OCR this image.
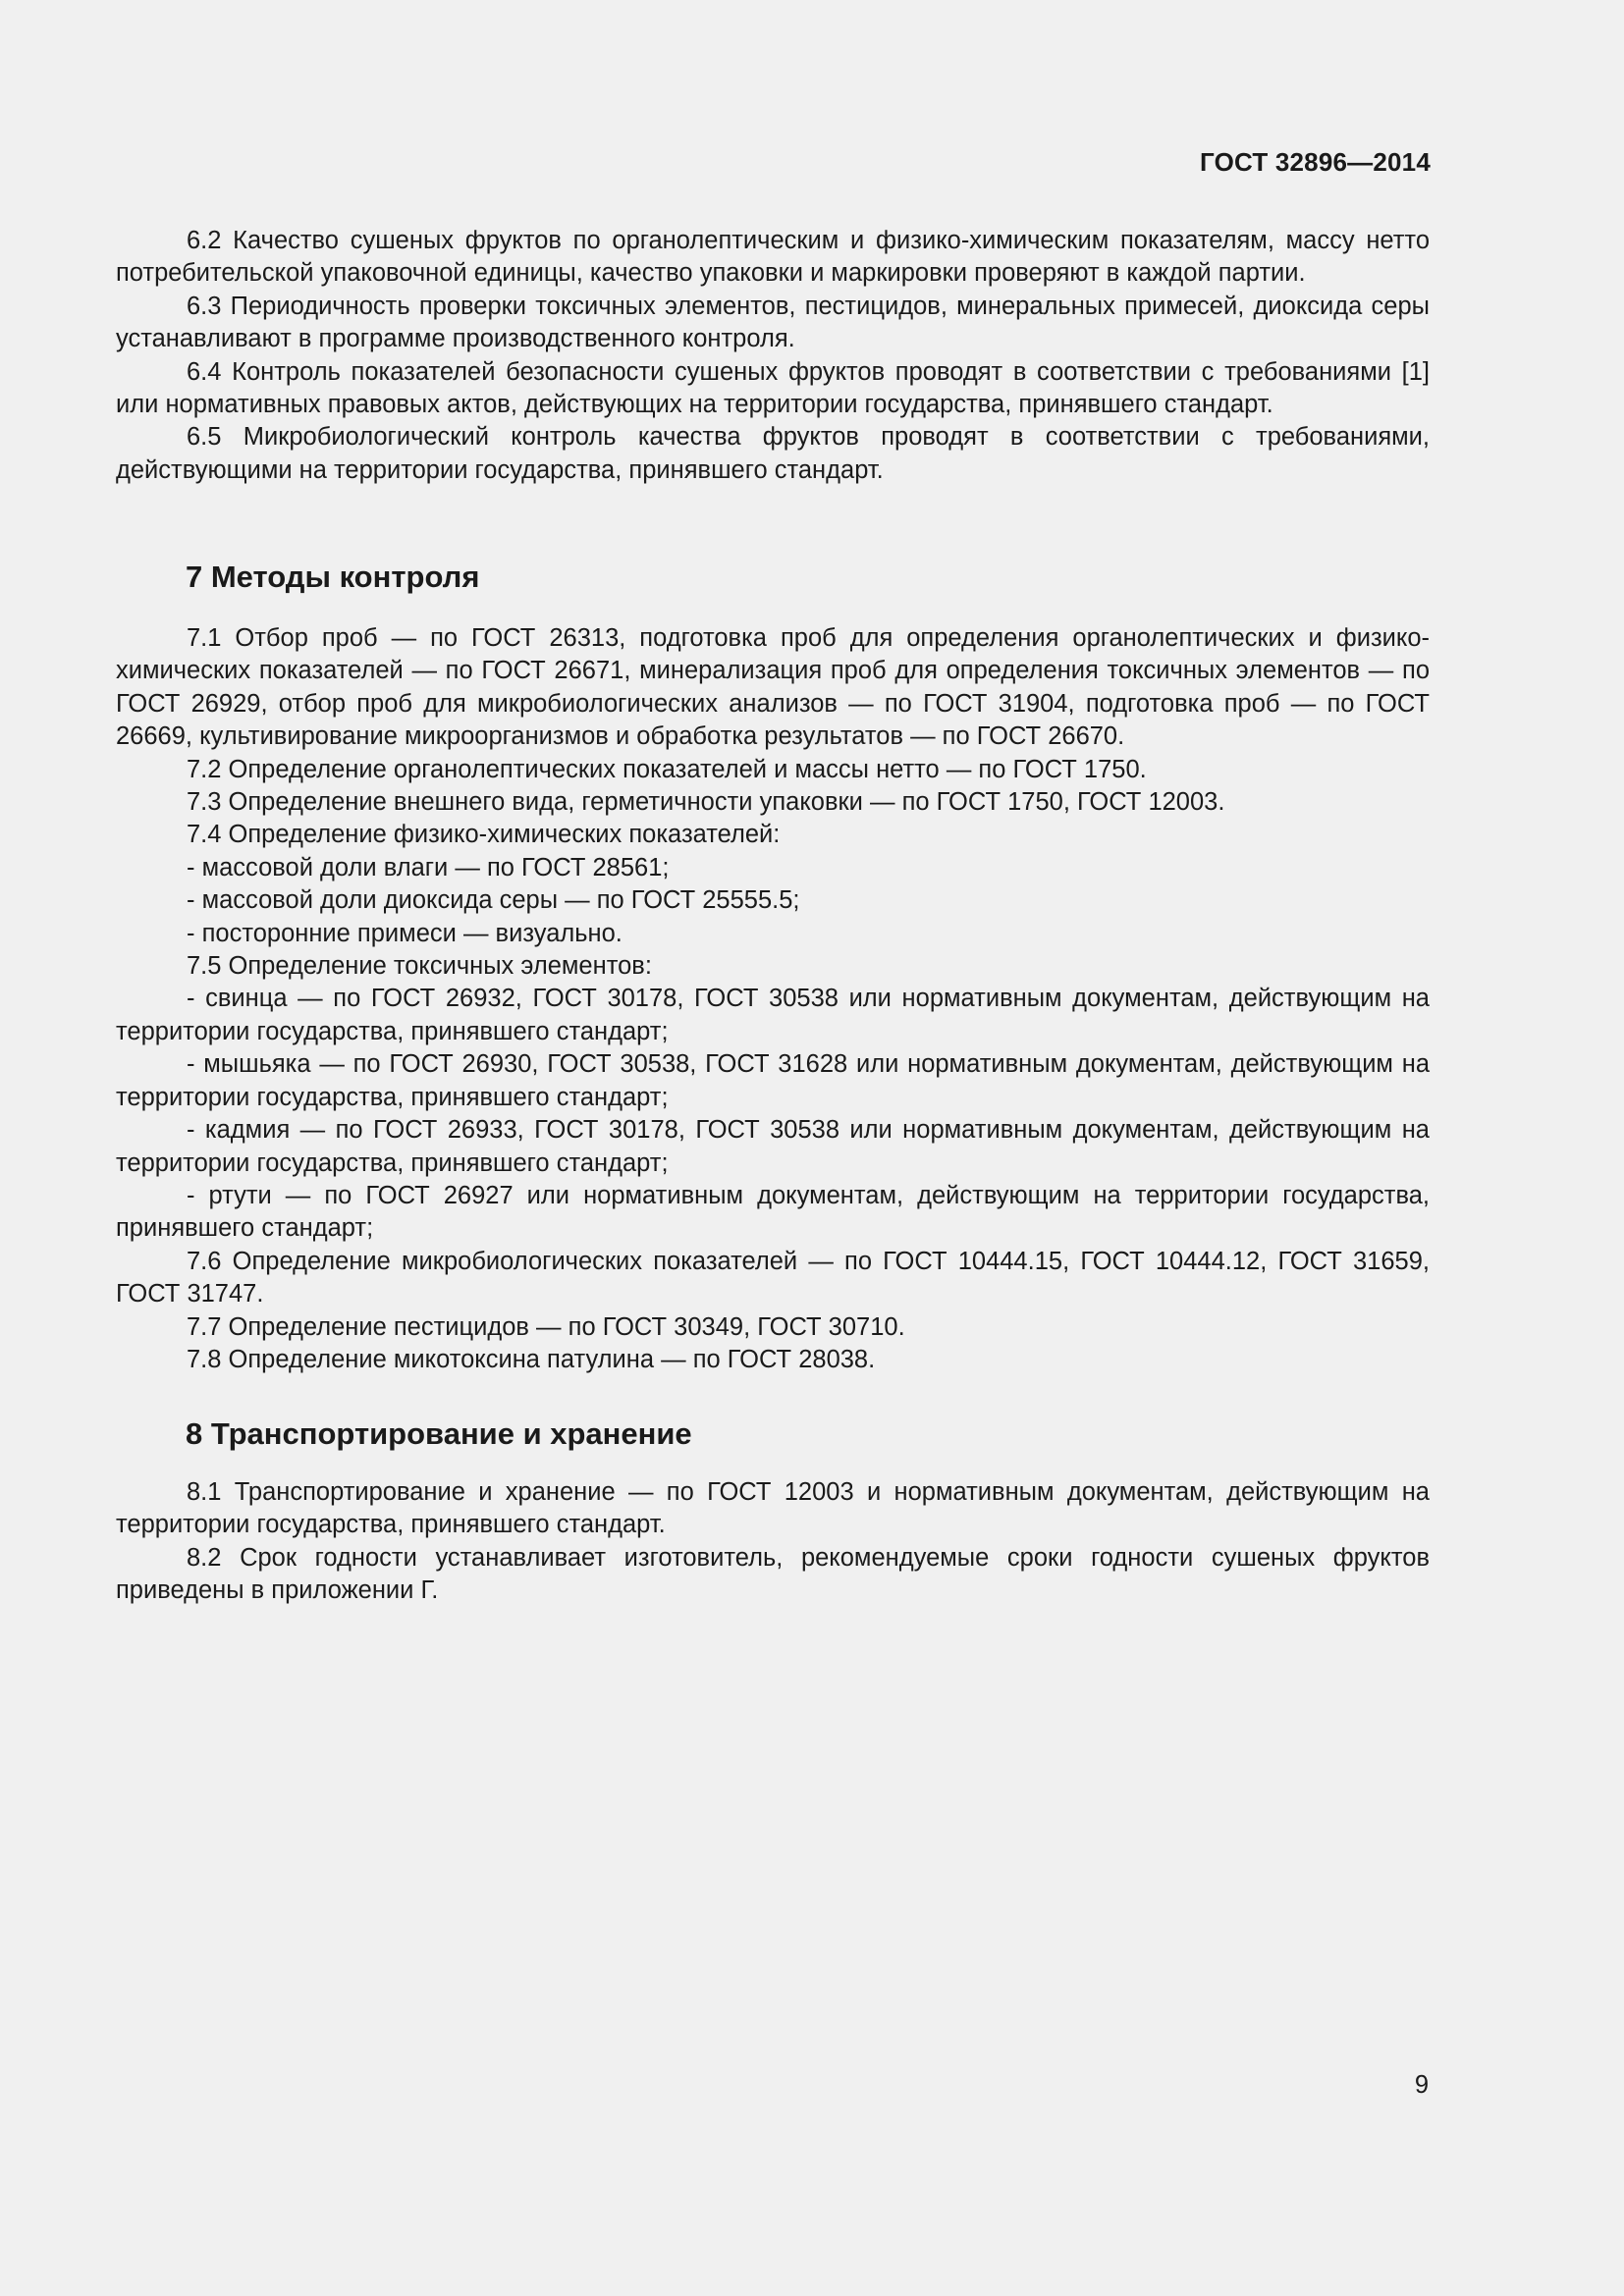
ГОСТ 32896—2014

6.2 Качество сушеных фруктов по органолептическим и физико-химическим показателям, массу нетто потребительской упаковочной единицы, качество упаковки и маркировки проверяют в каждой партии.

6.3 Периодичность проверки токсичных элементов, пестицидов, минеральных примесей, диоксида серы устанавливают в программе производственного контроля.

6.4 Контроль показателей безопасности сушеных фруктов проводят в соответствии с требованиями [1] или нормативных правовых актов, действующих на территории государства, принявшего стандарт.

6.5 Микробиологический контроль качества фруктов проводят в соответствии с требованиями, действующими на территории государства, принявшего стандарт.

7 Методы контроля

7.1 Отбор проб — по ГОСТ 26313, подготовка проб для определения органолептических и физико-химических показателей — по ГОСТ 26671, минерализация проб для определения токсичных элементов — по ГОСТ 26929, отбор проб для микробиологических анализов — по ГОСТ 31904, подготовка проб — по ГОСТ 26669, культивирование микроорганизмов и обработка результатов — по ГОСТ 26670.

7.2 Определение органолептических показателей и массы нетто — по ГОСТ 1750.

7.3 Определение внешнего вида, герметичности упаковки — по ГОСТ 1750, ГОСТ 12003.

7.4 Определение физико-химических показателей:

- массовой доли влаги — по ГОСТ 28561;

- массовой доли диоксида серы — по ГОСТ 25555.5;

- посторонние примеси — визуально.

7.5 Определение токсичных элементов:

- свинца — по ГОСТ 26932, ГОСТ 30178, ГОСТ 30538 или нормативным документам, действующим на территории государства, принявшего стандарт;

- мышьяка — по ГОСТ 26930, ГОСТ 30538, ГОСТ 31628 или нормативным документам, действующим на территории государства, принявшего стандарт;

- кадмия — по ГОСТ 26933, ГОСТ 30178, ГОСТ 30538 или нормативным документам, действующим на территории государства, принявшего стандарт;

- ртути — по ГОСТ 26927 или нормативным документам, действующим на территории государства, принявшего стандарт;

7.6 Определение микробиологических показателей — по ГОСТ 10444.15, ГОСТ 10444.12, ГОСТ 31659, ГОСТ 31747.

7.7 Определение пестицидов — по ГОСТ 30349, ГОСТ 30710.

7.8 Определение микотоксина патулина — по ГОСТ 28038.

8 Транспортирование и хранение

8.1 Транспортирование и хранение — по ГОСТ 12003 и нормативным документам, действующим на территории государства, принявшего стандарт.

8.2 Срок годности устанавливает изготовитель, рекомендуемые сроки годности сушеных фруктов приведены в приложении Г.

9
